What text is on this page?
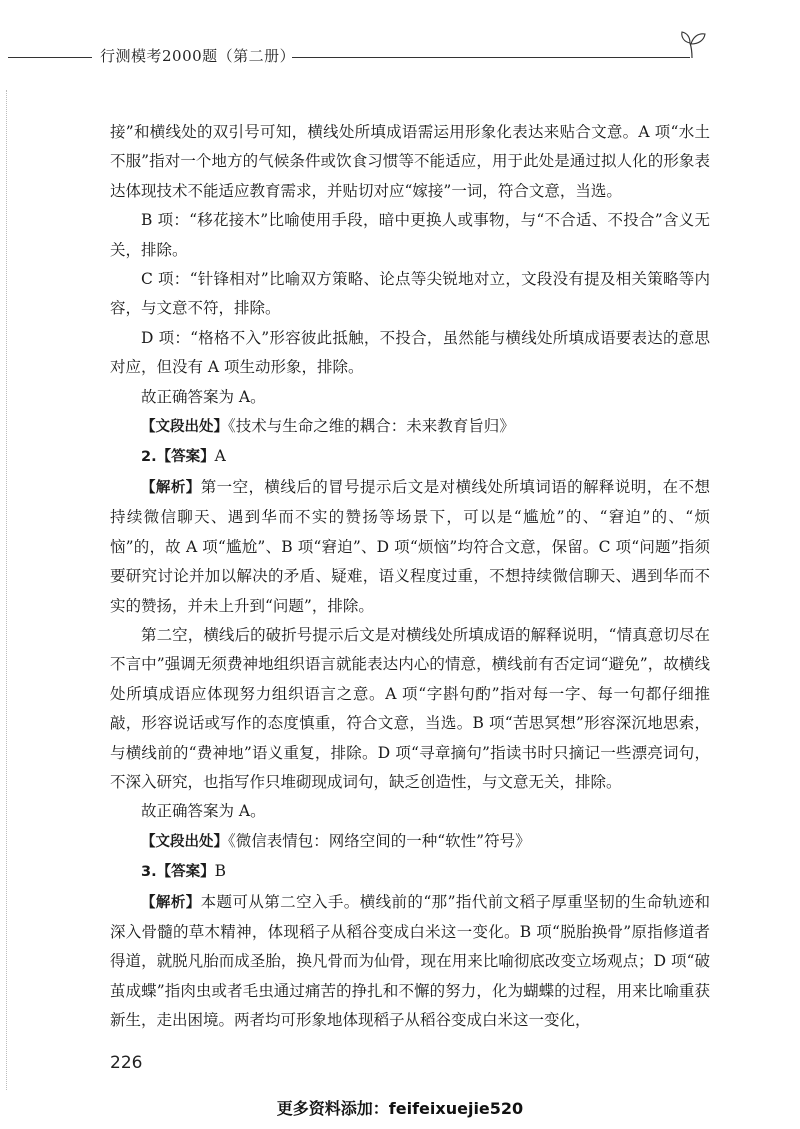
行测模考2000题（第二册）

接”和横线处的双引号可知，横线处所填成语需运用形象化表达来贴合文意。A 项“水土不服”指对一个地方的气候条件或饮食习惯等不能适应，用于此处是通过拟人化的形象表达体现技术不能适应教育需求，并贴切对应“嫁接”一词，符合文意，当选。

B 项：“移花接木”比喻使用手段，暗中更换人或事物，与“不合适、不投合”含义无关，排除。

C 项：“针锋相对”比喻双方策略、论点等尖锐地对立，文段没有提及相关策略等内容，与文意不符，排除。

D 项：“格格不入”形容彼此抵触，不投合，虽然能与横线处所填成语要表达的意思对应，但没有 A 项生动形象，排除。

故正确答案为 A。

【文段出处】《技术与生命之维的耦合：未来教育旨归》

2.【答案】A

【解析】第一空，横线后的冒号提示后文是对横线处所填词语的解释说明，在不想持续微信聊天、遇到华而不实的赞扬等场景下，可以是“尴尬”的、“窘迫”的、“烦恼”的，故 A 项“尴尬”、B 项“窘迫”、D 项“烦恼”均符合文意，保留。C 项“问题”指须要研究讨论并加以解决的矛盾、疑难，语义程度过重，不想持续微信聊天、遇到华而不实的赞扬，并未上升到“问题”，排除。

第二空，横线后的破折号提示后文是对横线处所填成语的解释说明，“情真意切尽在不言中”强调无须费神地组织语言就能表达内心的情意，横线前有否定词“避免”，故横线处所填成语应体现努力组织语言之意。A 项“字斟句酌”指对每一字、每一句都仔细推敲，形容说话或写作的态度慎重，符合文意，当选。B 项“苦思冥想”形容深沉地思索，与横线前的“费神地”语义重复，排除。D 项“寻章摘句”指读书时只摘记一些漂亮词句，不深入研究，也指写作只堆砌现成词句，缺乏创造性，与文意无关，排除。

故正确答案为 A。

【文段出处】《微信表情包：网络空间的一种“软性”符号》

3.【答案】B

【解析】本题可从第二空入手。横线前的“那”指代前文稻子厚重坚韧的生命轨迹和深入骨髓的草木精神，体现稻子从稻谷变成白米这一变化。B 项“脱胎换骨”原指修道者得道，就脱凡胎而成圣胎，换凡骨而为仙骨，现在用来比喻彻底改变立场观点；D 项“破茧成蝶”指肉虫或者毛虫通过痛苦的挣扎和不懈的努力，化为蝴蝶的过程，用来比喻重获新生，走出困境。两者均可形象地体现稻子从稻谷变成白米这一变化，

226
更多资料添加：feifeixuejie520
